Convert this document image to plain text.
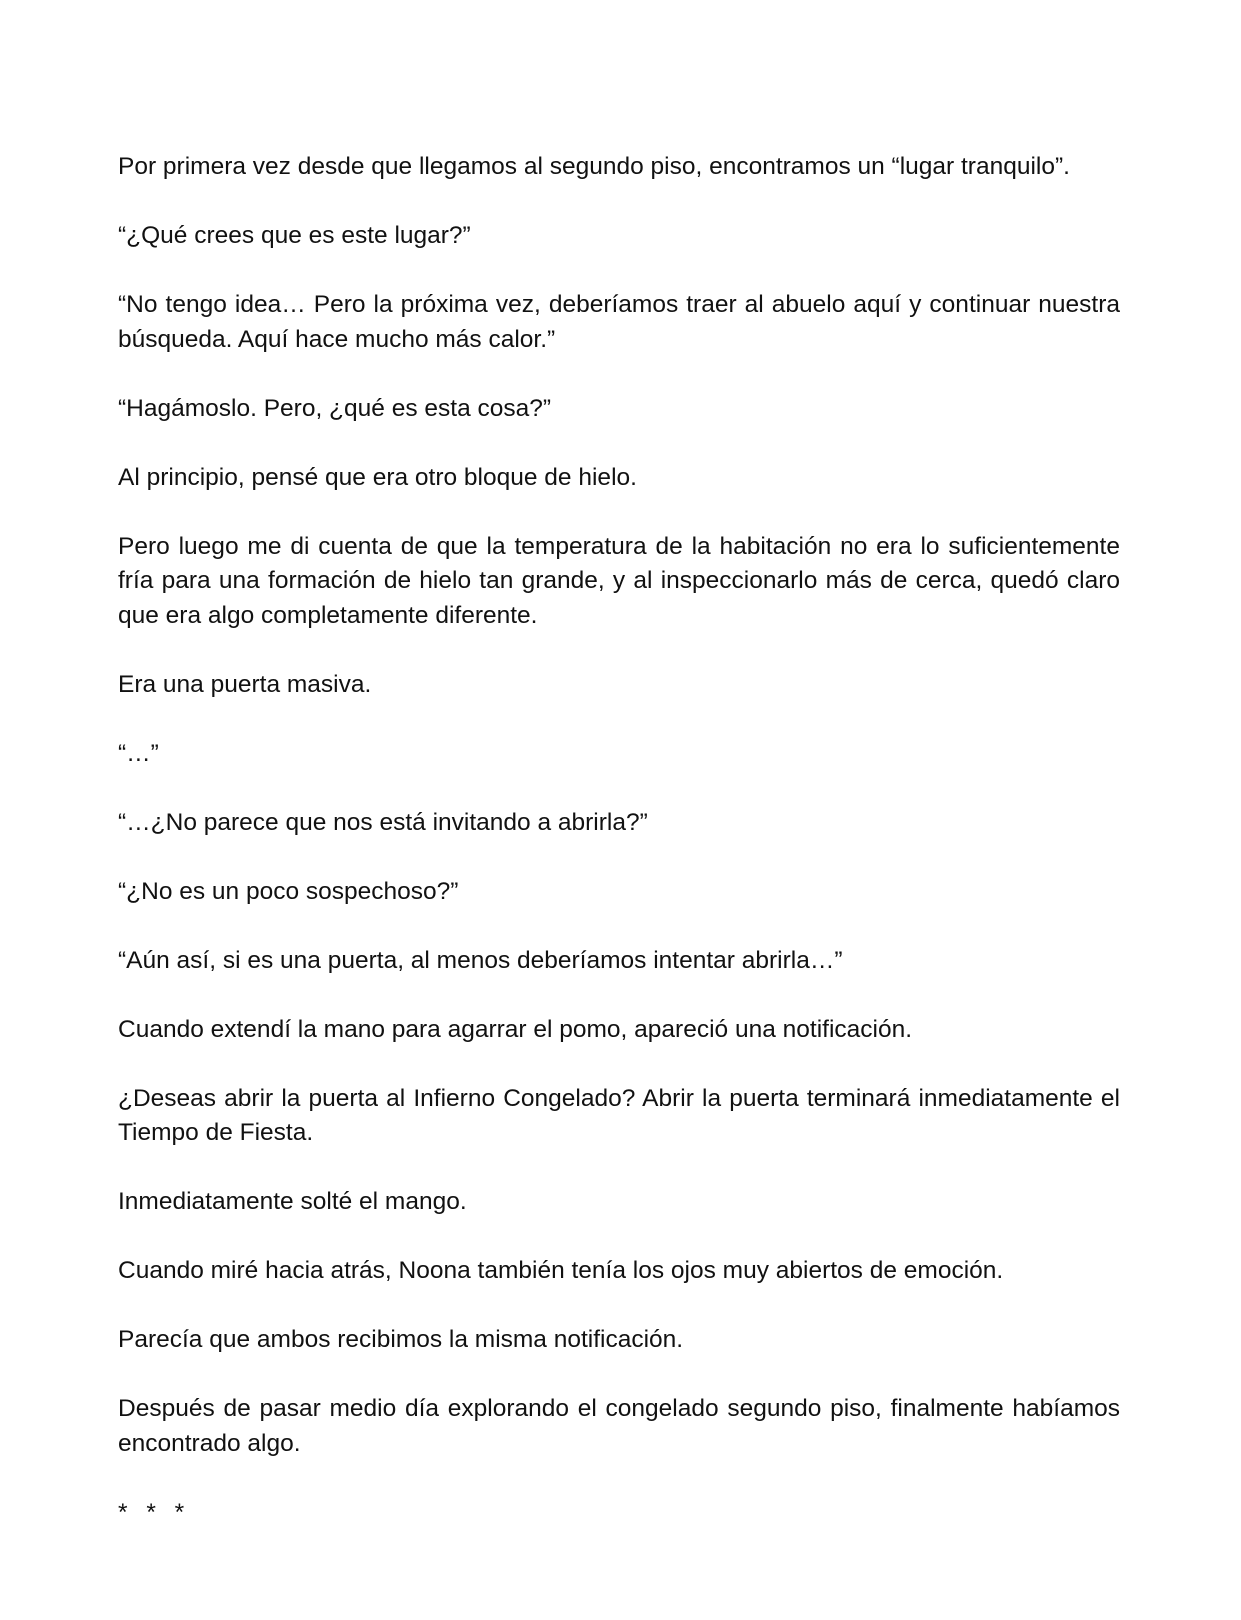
Por primera vez desde que llegamos al segundo piso, encontramos un “lugar tranquilo”.

“¿Qué crees que es este lugar?”

“No tengo idea… Pero la próxima vez, deberíamos traer al abuelo aquí y continuar nuestra búsqueda. Aquí hace mucho más calor.”

“Hagámoslo. Pero, ¿qué es esta cosa?”

Al principio, pensé que era otro bloque de hielo.

Pero luego me di cuenta de que la temperatura de la habitación no era lo suficientemente fría para una formación de hielo tan grande, y al inspeccionarlo más de cerca, quedó claro que era algo completamente diferente.

Era una puerta masiva.

“…”

“…¿No parece que nos está invitando a abrirla?”

“¿No es un poco sospechoso?”

“Aún así, si es una puerta, al menos deberíamos intentar abrirla…”

Cuando extendí la mano para agarrar el pomo, apareció una notificación.

¿Deseas abrir la puerta al Infierno Congelado? Abrir la puerta terminará inmediatamente el Tiempo de Fiesta.

Inmediatamente solté el mango.

Cuando miré hacia atrás, Noona también tenía los ojos muy abiertos de emoción.

Parecía que ambos recibimos la misma notificación.

Después de pasar medio día explorando el congelado segundo piso, finalmente habíamos encontrado algo.

* * *
